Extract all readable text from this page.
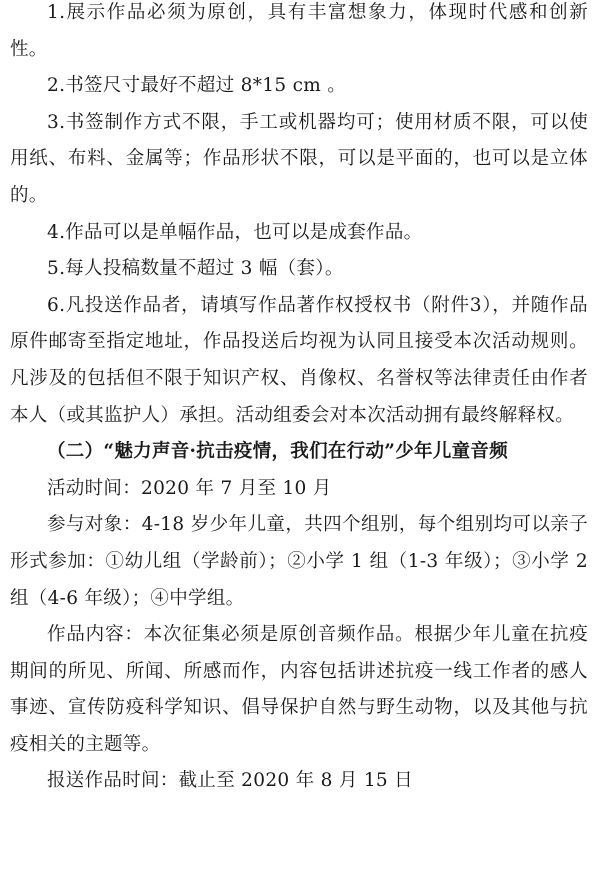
1.展示作品必须为原创，具有丰富想象力，体现时代感和创新性。

2.书签尺寸最好不超过 8*15 cm 。

3.书签制作方式不限，手工或机器均可；使用材质不限，可以使用纸、布料、金属等；作品形状不限，可以是平面的，也可以是立体的。

4.作品可以是单幅作品，也可以是成套作品。

5.每人投稿数量不超过 3 幅（套）。

6.凡投送作品者，请填写作品著作权授权书（附件3），并随作品原件邮寄至指定地址，作品投送后均视为认同且接受本次活动规则。凡涉及的包括但不限于知识产权、肖像权、名誉权等法律责任由作者本人（或其监护人）承担。活动组委会对本次活动拥有最终解释权。

（二）“魅力声音·抗击疫情，我们在行动”少年儿童音频

活动时间：2020 年 7 月至 10 月

参与对象：4-18 岁少年儿童，共四个组别，每个组别均可以亲子形式参加：①幼儿组（学龄前）；②小学 1 组（1-3 年级）；③小学 2 组（4-6 年级）；④中学组。

作品内容：本次征集必须是原创音频作品。根据少年儿童在抗疫期间的所见、所闻、所感而作，内容包括讲述抗疫一线工作者的感人事迹、宣传防疫科学知识、倡导保护自然与野生动物，以及其他与抗疫相关的主题等。

报送作品时间：截止至 2020 年 8 月 15 日
